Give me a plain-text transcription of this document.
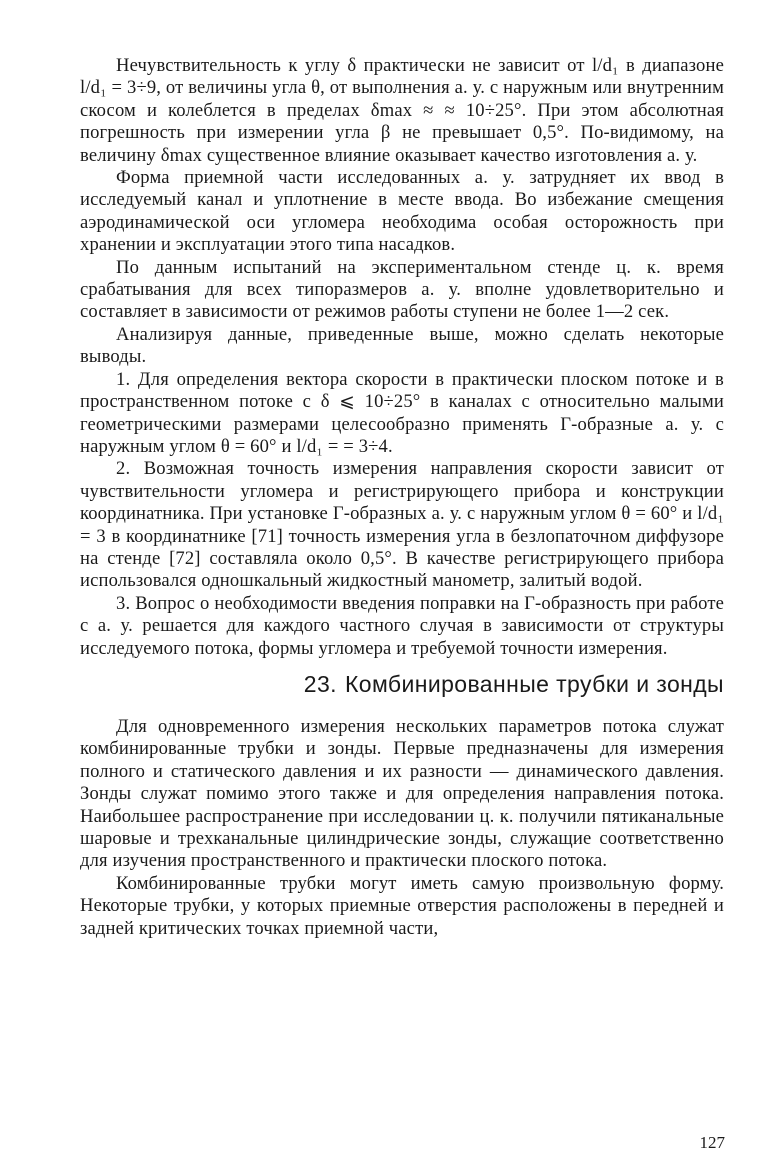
Нечувствительность к углу δ практически не зависит от l/d₁ в диапазоне l/d₁ = 3÷9, от величины угла θ, от выполнения а. у. с наружным или внутренним скосом и колеблется в пределах δmax ≈ ≈ 10÷25°. При этом абсолютная погрешность при измерении угла β не превышает 0,5°. По-видимому, на величину δmax существенное влияние оказывает качество изготовления а. у.

Форма приемной части исследованных а. у. затрудняет их ввод в исследуемый канал и уплотнение в месте ввода. Во избежание смещения аэродинамической оси угломера необходима особая осторожность при хранении и эксплуатации этого типа насадков.

По данным испытаний на экспериментальном стенде ц. к. время срабатывания для всех типоразмеров а. у. вполне удовлетворительно и составляет в зависимости от режимов работы ступени не более 1—2 сек.

Анализируя данные, приведенные выше, можно сделать некоторые выводы.

1. Для определения вектора скорости в практически плоском потоке и в пространственном потоке с δ ⩽ 10÷25° в каналах с относительно малыми геометрическими размерами целесообразно применять Г-образные а. у. с наружным углом θ = 60° и l/d₁ = = 3÷4.

2. Возможная точность измерения направления скорости зависит от чувствительности угломера и регистрирующего прибора и конструкции координатника. При установке Г-образных а. у. с наружным углом θ = 60° и l/d₁ = 3 в координатнике [71] точность измерения угла в безлопаточном диффузоре на стенде [72] составляла около 0,5°. В качестве регистрирующего прибора использовался одношкальный жидкостный манометр, залитый водой.

3. Вопрос о необходимости введения поправки на Г-образность при работе с а. у. решается для каждого частного случая в зависимости от структуры исследуемого потока, формы угломера и требуемой точности измерения.

23. Комбинированные трубки и зонды

Для одновременного измерения нескольких параметров потока служат комбинированные трубки и зонды. Первые предназначены для измерения полного и статического давления и их разности — динамического давления. Зонды служат помимо этого также и для определения направления потока. Наибольшее распространение при исследовании ц. к. получили пятиканальные шаровые и трехканальные цилиндрические зонды, служащие соответственно для изучения пространственного и практически плоского потока.

Комбинированные трубки могут иметь самую произвольную форму. Некоторые трубки, у которых приемные отверстия расположены в передней и задней критических точках приемной части,

127
